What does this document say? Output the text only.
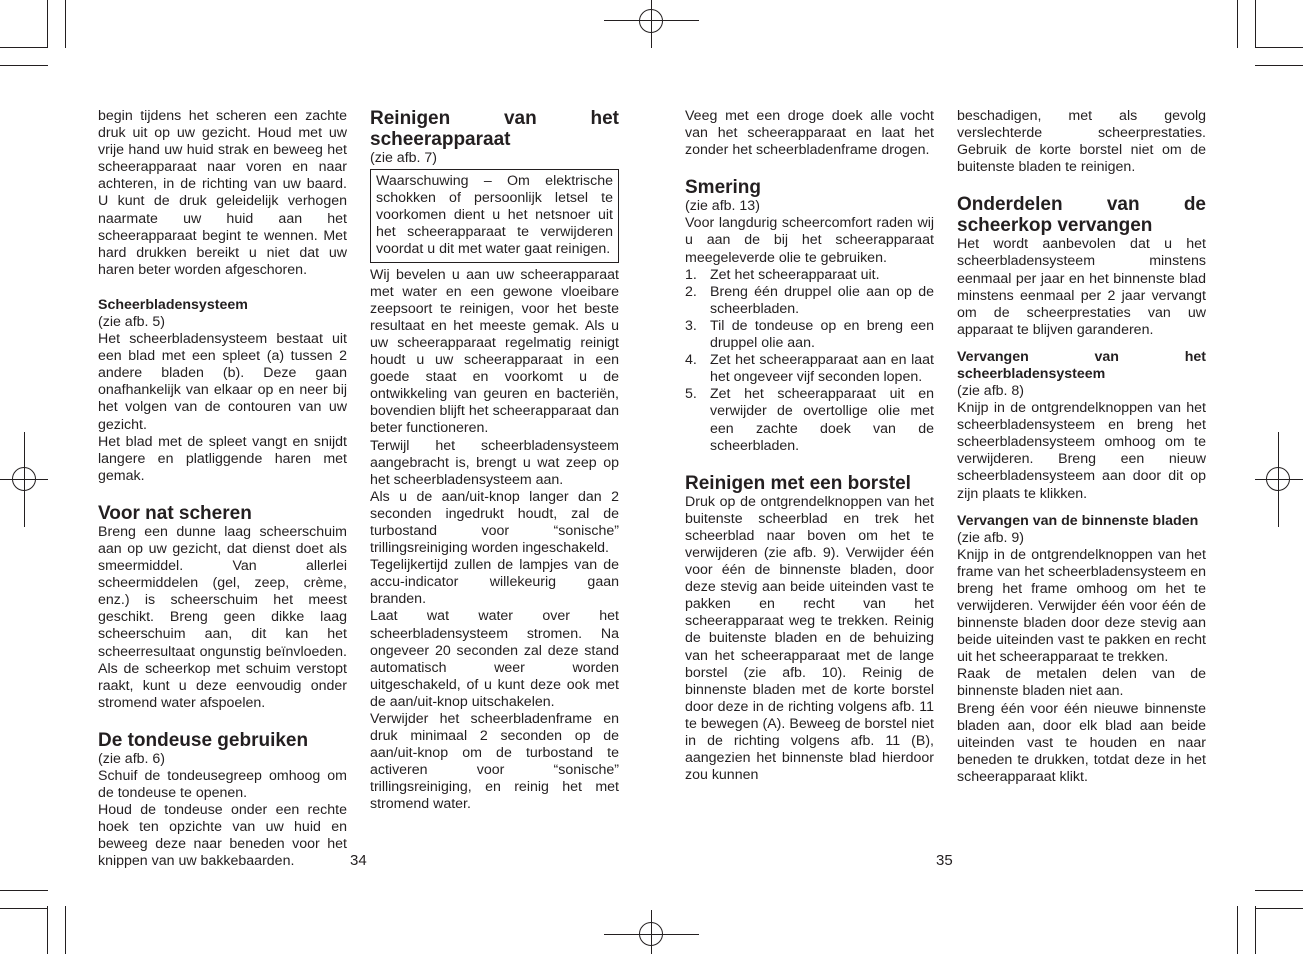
begin tijdens het scheren een zachte druk uit op uw gezicht. Houd met uw vrije hand uw huid strak en beweeg het scheerapparaat naar voren en naar achteren, in de richting van uw baard. U kunt de druk geleidelijk verhogen naarmate uw huid aan het scheerapparaat begint te wennen. Met hard drukken bereikt u niet dat uw haren beter worden afgeschoren.

Scheerbladensysteem

(zie afb. 5)

Het scheerbladensysteem bestaat uit een blad met een spleet (a) tussen 2 andere bladen (b). Deze gaan onafhankelijk van elkaar op en neer bij het volgen van de contouren van uw gezicht.

Het blad met de spleet vangt en snijdt langere en platliggende haren met gemak.

Voor nat scheren

Breng een dunne laag scheerschuim aan op uw gezicht, dat dienst doet als smeermiddel. Van allerlei scheermiddelen (gel, zeep, crème, enz.) is scheerschuim het meest geschikt. Breng geen dikke laag scheerschuim aan, dit kan het scheerresultaat ongunstig beïnvloeden. Als de scheerkop met schuim verstopt raakt, kunt u deze eenvoudig onder stromend water afspoelen.

De tondeuse gebruiken

(zie afb. 6)

Schuif de tondeusegreep omhoog om de tondeuse te openen.

Houd de tondeuse onder een rechte hoek ten opzichte van uw huid en beweeg deze naar beneden voor het knippen van uw bakkebaarden.

Reinigen van het scheerapparaat

(zie afb. 7)

Waarschuwing – Om elektrische schokken of persoonlijk letsel te voorkomen dient u het netsnoer uit het scheerapparaat te verwijderen voordat u dit met water gaat reinigen.

Wij bevelen u aan uw scheerapparaat met water en een gewone vloeibare zeepsoort te reinigen, voor het beste resultaat en het meeste gemak. Als u uw scheerapparaat regelmatig reinigt houdt u uw scheerapparaat in een goede staat en voorkomt u de ontwikkeling van geuren en bacteriën, bovendien blijft het scheerapparaat dan beter functioneren.

Terwijl het scheerbladensysteem aangebracht is, brengt u wat zeep op het scheerbladensysteem aan.

Als u de aan/uit-knop langer dan 2 seconden ingedrukt houdt, zal de turbostand voor “sonische” trillingsreiniging worden ingeschakeld.

Tegelijkertijd zullen de lampjes van de accu-indicator willekeurig gaan branden.

Laat wat water over het scheerbladensysteem stromen. Na ongeveer 20 seconden zal deze stand automatisch weer worden uitgeschakeld, of u kunt deze ook met de aan/uit-knop uitschakelen.

Verwijder het scheerbladenframe en druk minimaal 2 seconden op de aan/uit-knop om de turbostand te activeren voor “sonische” trillingsreiniging, en reinig het met stromend water.

Veeg met een droge doek alle vocht van het scheerapparaat en laat het zonder het scheerbladenframe drogen.

Smering

(zie afb. 13)

Voor langdurig scheercomfort raden wij u aan de bij het scheerapparaat meegeleverde olie te gebruiken.

1. Zet het scheerapparaat uit.
2. Breng één druppel olie aan op de scheerbladen.
3. Til de tondeuse op en breng een druppel olie aan.
4. Zet het scheerapparaat aan en laat het ongeveer vijf seconden lopen.
5. Zet het scheerapparaat uit en verwijder de overtollige olie met een zachte doek van de scheerbladen.
Reinigen met een borstel

Druk op de ontgrendelknoppen van het buitenste scheerblad en trek het scheerblad naar boven om het te verwijderen (zie afb. 9). Verwijder één voor één de binnenste bladen, door deze stevig aan beide uiteinden vast te pakken en recht van het scheerapparaat weg te trekken. Reinig de buitenste bladen en de behuizing van het scheerapparaat met de lange borstel (zie afb. 10). Reinig de binnenste bladen met de korte borstel door deze in de richting volgens afb. 11 te bewegen (A). Beweeg de borstel niet in de richting volgens afb. 11 (B), aangezien het binnenste blad hierdoor zou kunnen

beschadigen, met als gevolg verslechterde scheerprestaties. Gebruik de korte borstel niet om de buitenste bladen te reinigen.

Onderdelen van de scheerkop vervangen

Het wordt aanbevolen dat u het scheerbladensysteem minstens eenmaal per jaar en het binnenste blad minstens eenmaal per 2 jaar vervangt om de scheerprestaties van uw apparaat te blijven garanderen.

Vervangen van het scheerbladensysteem

(zie afb. 8)

Knijp in de ontgrendelknoppen van het scheerbladensysteem en breng het scheerbladensysteem omhoog om te verwijderen. Breng een nieuw scheerbladensysteem aan door dit op zijn plaats te klikken.

Vervangen van de binnenste bladen

(zie afb. 9)

Knijp in de ontgrendelknoppen van het frame van het scheerbladensysteem en breng het frame omhoog om het te verwijderen. Verwijder één voor één de binnenste bladen door deze stevig aan beide uiteinden vast te pakken en recht uit het scheerapparaat te trekken.

Raak de metalen delen van de binnenste bladen niet aan.

Breng één voor één nieuwe binnenste bladen aan, door elk blad aan beide uiteinden vast te houden en naar beneden te drukken, totdat deze in het scheerapparaat klikt.

34	35
